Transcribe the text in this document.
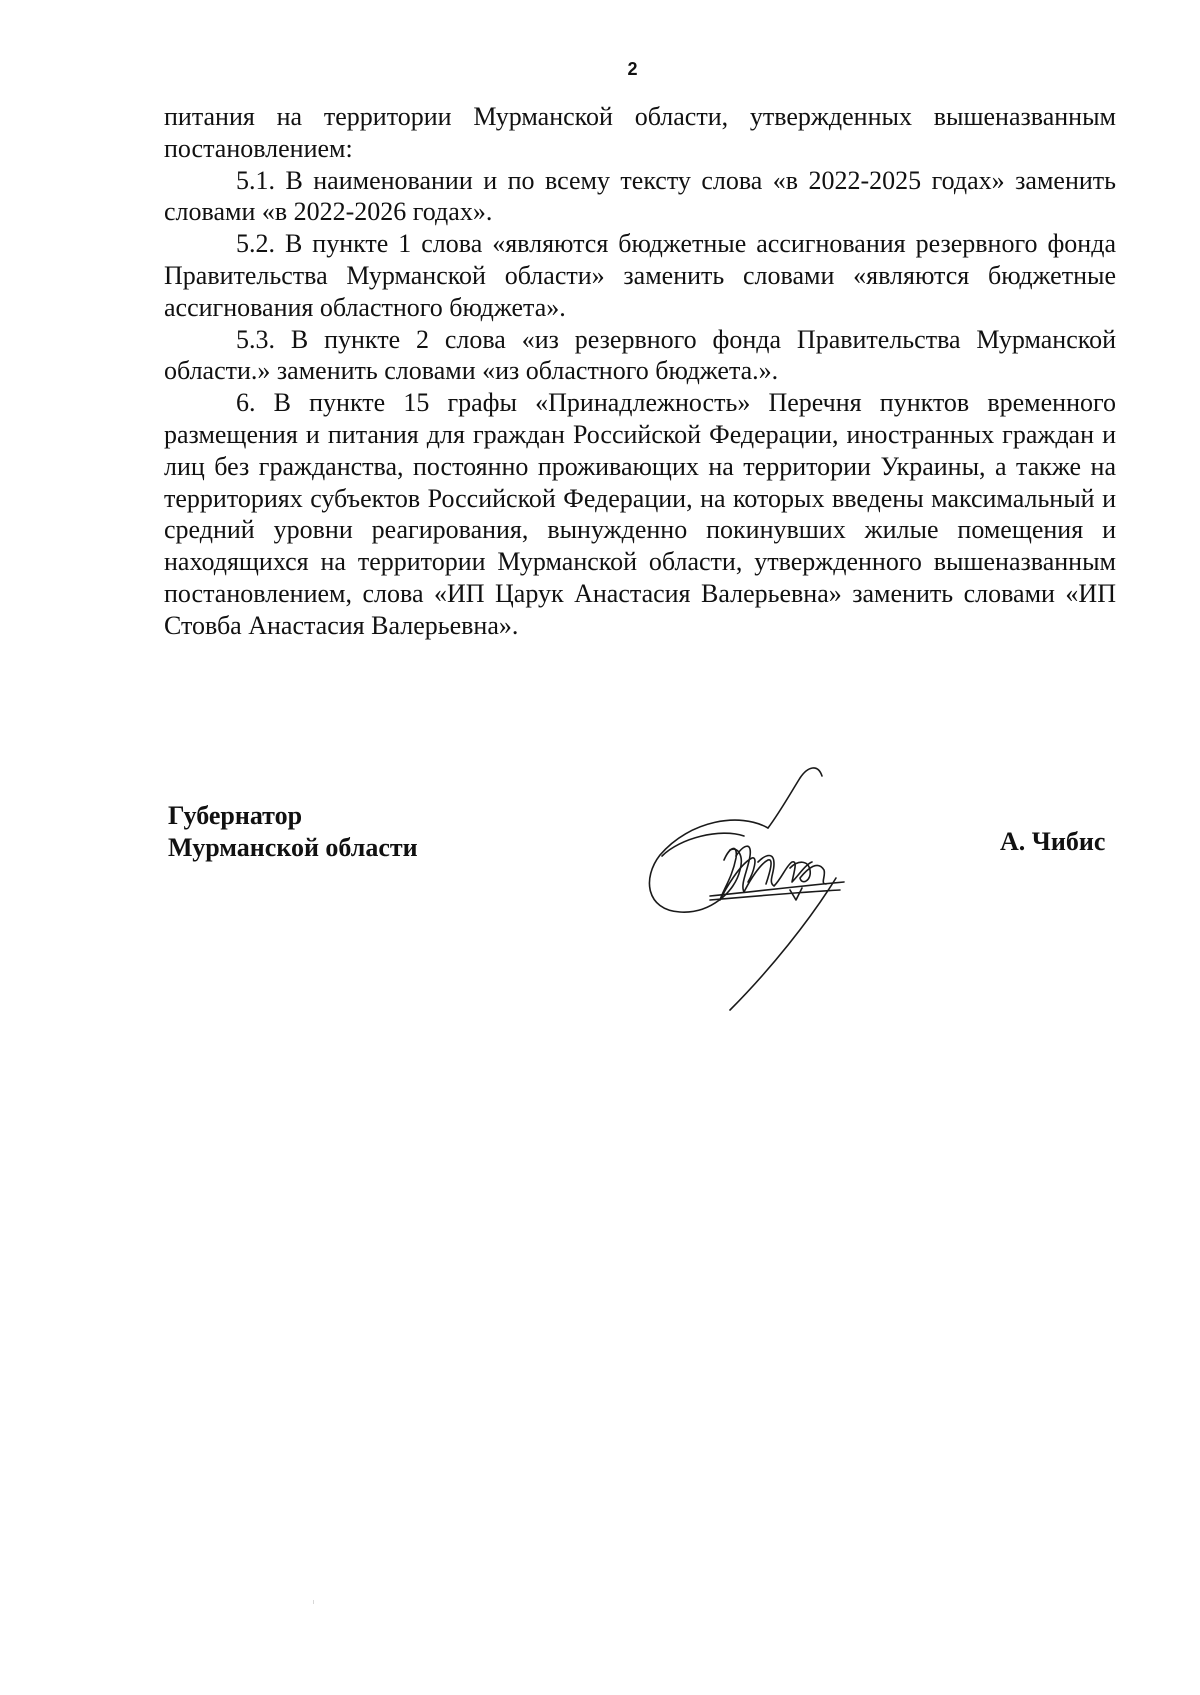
2

питания на территории Мурманской области, утвержденных вышеназванным постановлением:

5.1. В наименовании и по всему тексту слова «в 2022-2025 годах» заменить словами «в 2022-2026 годах».

5.2. В пункте 1 слова «являются бюджетные ассигнования резервного фонда Правительства Мурманской области» заменить словами «являются бюджетные ассигнования областного бюджета».

5.3. В пункте 2 слова «из резервного фонда Правительства Мурманской области.» заменить словами «из областного бюджета.».

6. В пункте 15 графы «Принадлежность» Перечня пунктов временного размещения и питания для граждан Российской Федерации, иностранных граждан и лиц без гражданства, постоянно проживающих на территории Украины, а также на территориях субъектов Российской Федерации, на которых введены максимальный и средний уровни реагирования, вынужденно покинувших жилые помещения и находящихся на территории Мурманской области, утвержденного вышеназванным постановлением, слова «ИП Царук Анастасия Валерьевна» заменить словами «ИП Стовба Анастасия Валерьевна».

Губернатор
Мурманской области	А. Чибис
